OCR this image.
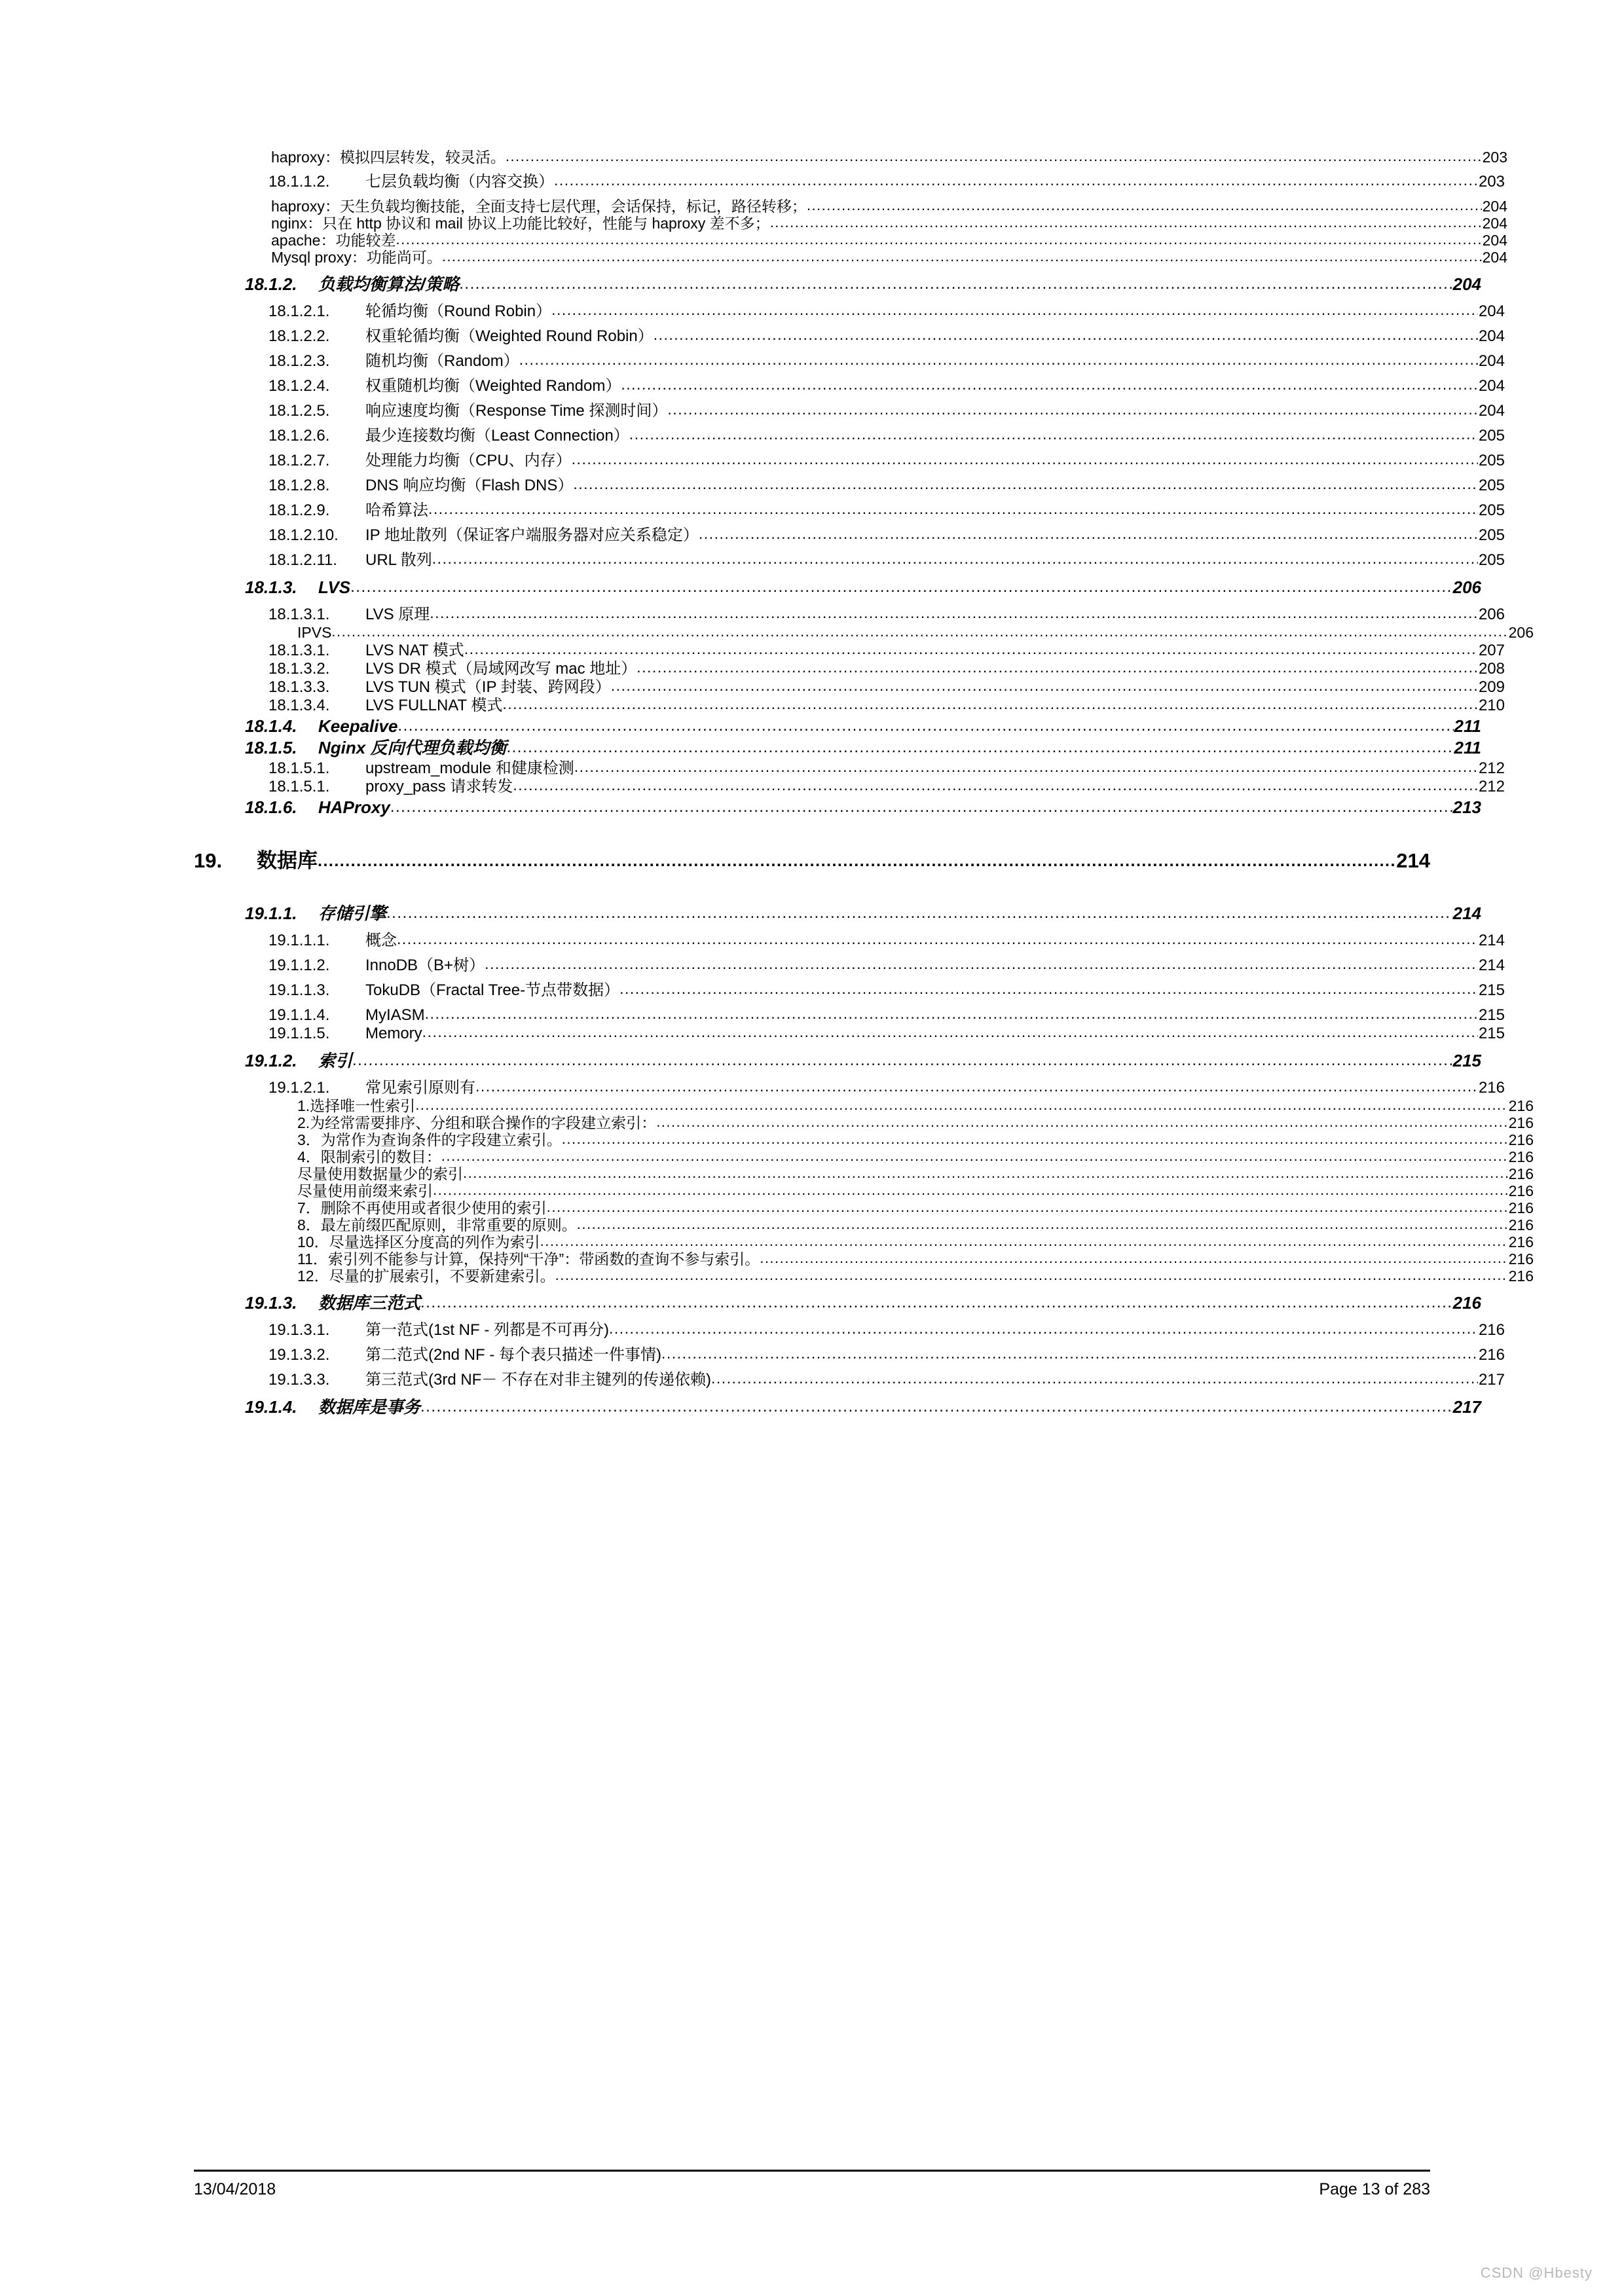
haproxy：模拟四层转发，较灵活。 .....	203
18.1.1.2.	七层负载均衡（内容交换） .....	203
haproxy：天生负载均衡技能，全面支持七层代理，会话保持，标记，路径转移； .....	204
nginx：只在 http 协议和 mail 协议上功能比较好，性能与 haproxy 差不多； .....	204
apache：功能较差 .....	204
Mysql proxy：功能尚可。 .....	204
18.1.2.	负载均衡算法/策略 .....	204
18.1.2.1.	轮循均衡（Round Robin） .....	204
18.1.2.2.	权重轮循均衡（Weighted Round Robin） .....	204
18.1.2.3.	随机均衡（Random） .....	204
18.1.2.4.	权重随机均衡（Weighted Random） .....	204
18.1.2.5.	响应速度均衡（Response Time 探测时间） .....	204
18.1.2.6.	最少连接数均衡（Least Connection） .....	205
18.1.2.7.	处理能力均衡（CPU、内存） .....	205
18.1.2.8.	DNS 响应均衡（Flash DNS） .....	205
18.1.2.9.	哈希算法 .....	205
18.1.2.10.	IP 地址散列（保证客户端服务器对应关系稳定） .....	205
18.1.2.11.	URL 散列 .....	205
18.1.3.	LVS .....	206
18.1.3.1.	LVS 原理 .....	206
IPVS .....	206
18.1.3.1.	LVS NAT 模式 .....	207
18.1.3.2.	LVS DR 模式（局域网改写 mac 地址） .....	208
18.1.3.3.	LVS TUN 模式（IP 封装、跨网段） .....	209
18.1.3.4.	LVS FULLNAT 模式 .....	210
18.1.4.	Keepalive .....	211
18.1.5.	Nginx 反向代理负载均衡 .....	211
18.1.5.1.	upstream_module 和健康检测 .....	212
18.1.5.1.	proxy_pass 请求转发 .....	212
18.1.6.	HAProxy .....	213
19.	数据库 .....	214
19.1.1.	存储引擎 .....	214
19.1.1.1.	概念 .....	214
19.1.1.2.	InnoDB（B+树） .....	214
19.1.1.3.	TokuDB（Fractal Tree-节点带数据） .....	215
19.1.1.4.	MyIASM .....	215
19.1.1.5.	Memory .....	215
19.1.2.	索引 .....	215
19.1.2.1.	常见索引原则有 .....	216
1.选择唯一性索引 .....	216
2.为经常需要排序、分组和联合操作的字段建立索引： .....	216
3．为常作为查询条件的字段建立索引。 .....	216
4．限制索引的数目： .....	216
尽量使用数据量少的索引 .....	216
尽量使用前缀来索引 .....	216
7．删除不再使用或者很少使用的索引 .....	216
8．最左前缀匹配原则，非常重要的原则。 .....	216
10．尽量选择区分度高的列作为索引 .....	216
11．索引列不能参与计算，保持列“干净”：带函数的查询不参与索引。 .....	216
12．尽量的扩展索引，不要新建索引。 .....	216
19.1.3.	数据库三范式 .....	216
19.1.3.1.	第一范式(1st NF - 列都是不可再分) .....	216
19.1.3.2.	第二范式(2nd NF - 每个表只描述一件事情) .....	216
19.1.3.3.	第三范式(3rd NF－ 不存在对非主键列的传递依赖) .....	217
19.1.4.	数据库是事务 .....	217
13/04/2018	Page 13 of 283
CSDN @Hbesty
